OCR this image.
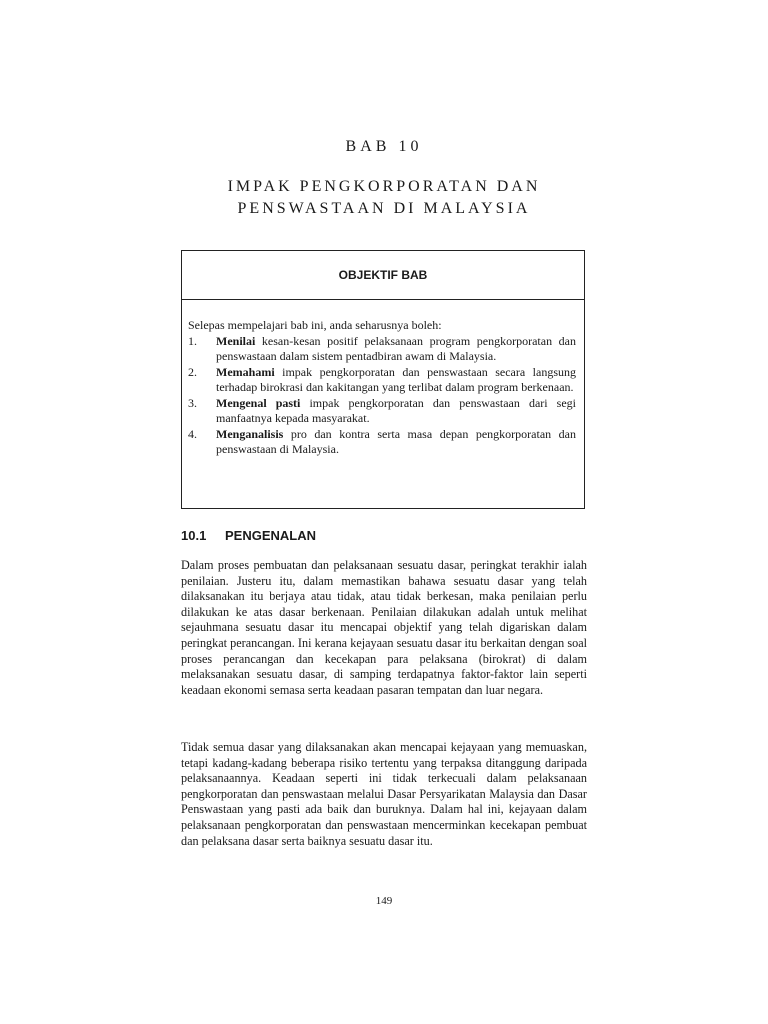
BAB 10
IMPAK PENGKORPORATAN DAN
PENSWASTAAN DI MALAYSIA
OBJEKTIF BAB

Selepas mempelajari bab ini, anda seharusnya boleh:

1.	Menilai kesan-kesan positif pelaksanaan program pengkorporatan dan penswastaan dalam sistem pentadbiran awam di Malaysia.
2.	Memahami impak pengkorporatan dan penswastaan secara langsung terhadap birokrasi dan kakitangan yang terlibat dalam program berkenaan.
3.	Mengenal pasti impak pengkorporatan dan penswastaan dari segi manfaatnya kepada masyarakat.
4.	Menganalisis pro dan kontra serta masa depan pengkorporatan dan penswastaan di Malaysia.
10.1 PENGENALAN

Dalam proses pembuatan dan pelaksanaan sesuatu dasar, peringkat terakhir ialah penilaian. Justeru itu, dalam memastikan bahawa sesuatu dasar yang telah dilaksanakan itu berjaya atau tidak, atau tidak berkesan, maka penilaian perlu dilakukan ke atas dasar berkenaan. Penilaian dilakukan adalah untuk melihat sejauhmana sesuatu dasar itu mencapai objektif yang telah digariskan dalam peringkat perancangan. Ini kerana kejayaan sesuatu dasar itu berkaitan dengan soal proses perancangan dan kecekapan para pelaksana (birokrat) di dalam melaksanakan sesuatu dasar, di samping terdapatnya faktor-faktor lain seperti keadaan ekonomi semasa serta keadaan pasaran tempatan dan luar negara.

Tidak semua dasar yang dilaksanakan akan mencapai kejayaan yang memuaskan, tetapi kadang-kadang beberapa risiko tertentu yang terpaksa ditanggung daripada pelaksanaannya. Keadaan seperti ini tidak terkecuali dalam pelaksanaan pengkorporatan dan penswastaan melalui Dasar Persyarikatan Malaysia dan Dasar Penswastaan yang pasti ada baik dan buruknya. Dalam hal ini, kejayaan dalam pelaksanaan pengkorporatan dan penswastaan mencerminkan kecekapan pembuat dan pelaksana dasar serta baiknya sesuatu dasar itu.

149
